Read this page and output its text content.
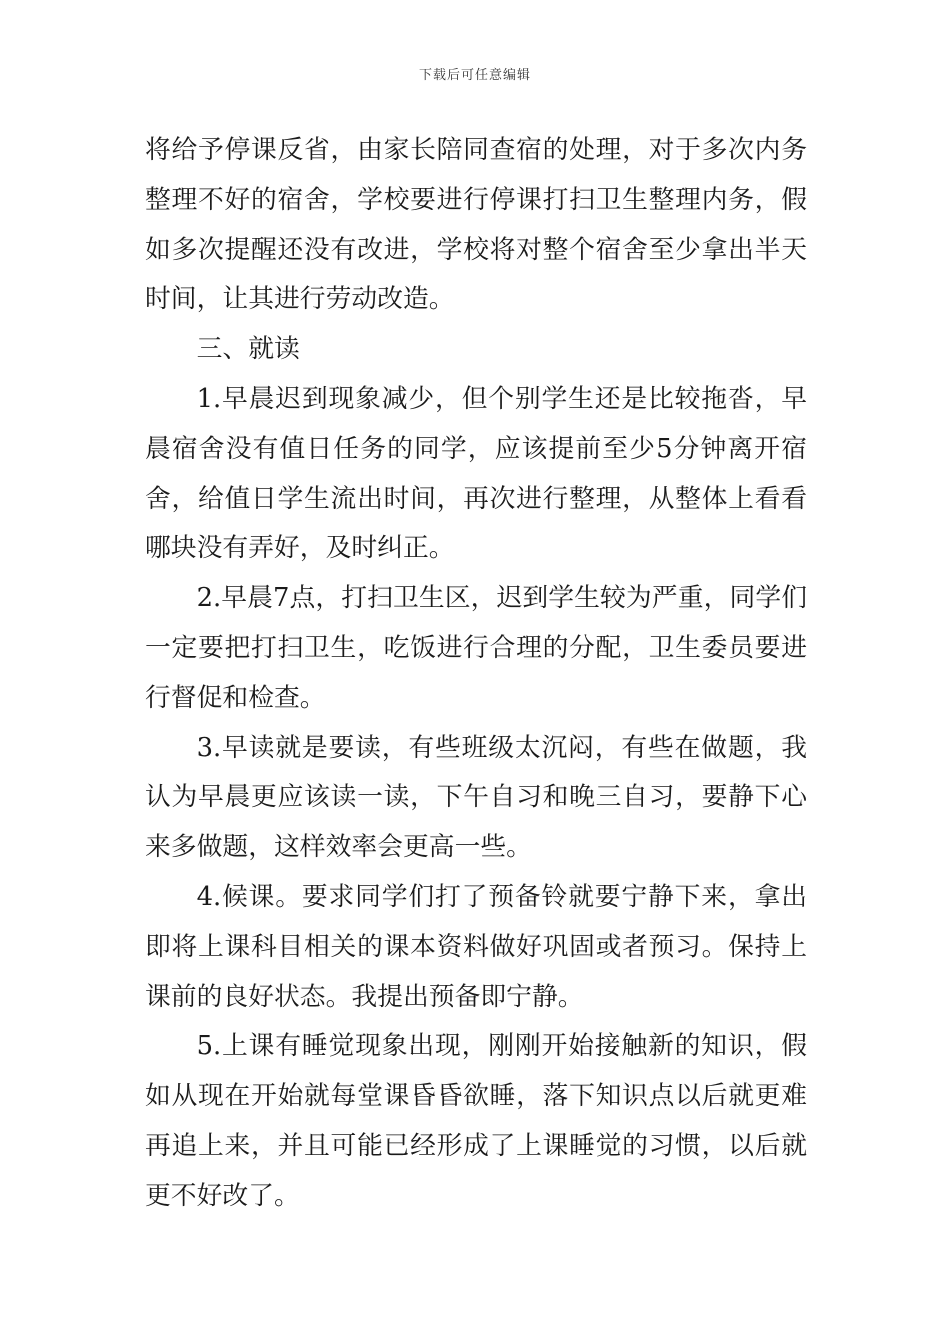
下载后可任意编辑

将给予停课反省，由家长陪同查宿的处理，对于多次内务整理不好的宿舍，学校要进行停课打扫卫生整理内务，假如多次提醒还没有改进，学校将对整个宿舍至少拿出半天时间，让其进行劳动改造。

三、就读

1.早晨迟到现象减少，但个别学生还是比较拖沓，早晨宿舍没有值日任务的同学，应该提前至少5分钟离开宿舍，给值日学生流出时间，再次进行整理，从整体上看看哪块没有弄好，及时纠正。

2.早晨7点，打扫卫生区，迟到学生较为严重，同学们一定要把打扫卫生，吃饭进行合理的分配，卫生委员要进行督促和检查。

3.早读就是要读，有些班级太沉闷，有些在做题，我认为早晨更应该读一读，下午自习和晚三自习，要静下心来多做题，这样效率会更高一些。

4.候课。要求同学们打了预备铃就要宁静下来，拿出即将上课科目相关的课本资料做好巩固或者预习。保持上课前的良好状态。我提出预备即宁静。

5.上课有睡觉现象出现，刚刚开始接触新的知识，假如从现在开始就每堂课昏昏欲睡，落下知识点以后就更难再追上来，并且可能已经形成了上课睡觉的习惯，以后就更不好改了。
